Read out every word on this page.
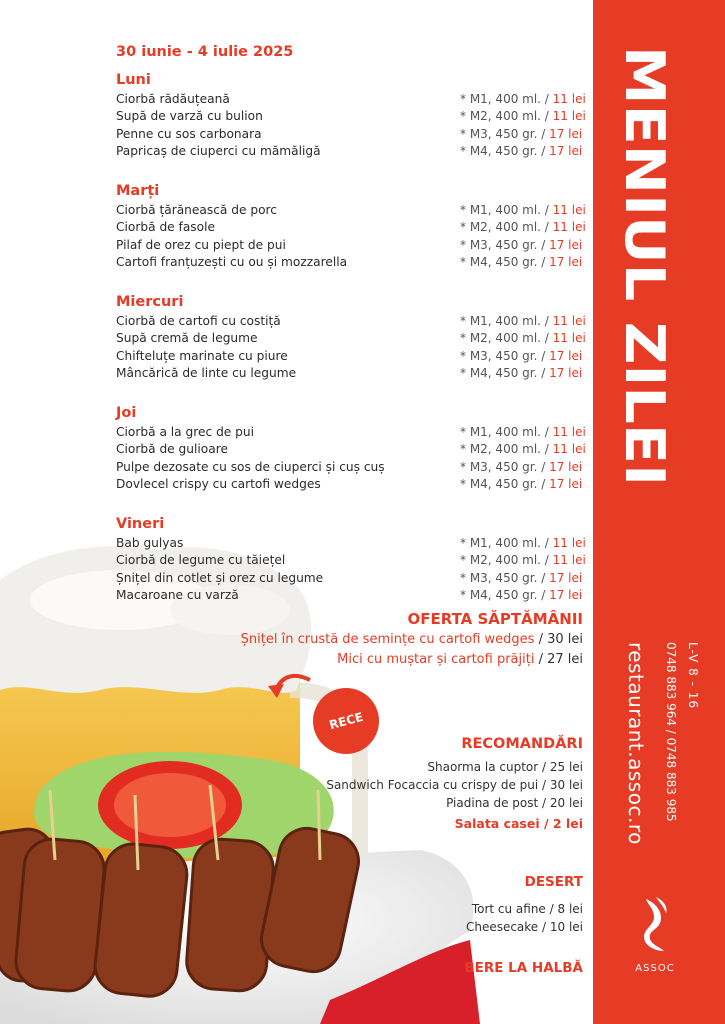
MENIUL ZILEI
L-V 8 - 16
0748 883 964 / 0748 883 985
restaurant.assoc.ro
ASSOC
30 iunie - 4 iulie 2025
Luni
Ciorbă rădăuțeană	* M1, 400 ml. / 11 lei
Supă de varză cu bulion	* M2, 400 ml. / 11 lei
Penne cu sos carbonara	* M3, 450 gr. / 17 lei
Papricaș de ciuperci cu mămăligă	* M4, 450 gr. / 17 lei
Marți
Ciorbă țărănească de porc	* M1, 400 ml. / 11 lei
Ciorbă de fasole	* M2, 400 ml. / 11 lei
Pilaf de orez cu piept de pui	* M3, 450 gr. / 17 lei
Cartofi franțuzești cu ou și mozzarella	* M4, 450 gr. / 17 lei
Miercuri
Ciorbă de cartofi cu costiță	* M1, 400 ml. / 11 lei
Supă cremă de legume	* M2, 400 ml. / 11 lei
Chifteluțe marinate cu piure	* M3, 450 gr. / 17 lei
Mâncărică de linte cu legume	* M4, 450 gr. / 17 lei
Joi
Ciorbă a la grec de pui	* M1, 400 ml. / 11 lei
Ciorbă de gulioare	* M2, 400 ml. / 11 lei
Pulpe dezosate cu sos de ciuperci și cuș cuș	* M3, 450 gr. / 17 lei
Dovlecel crispy cu cartofi wedges	* M4, 450 gr. / 17 lei
Vineri
Bab gulyas	* M1, 400 ml. / 11 lei
Ciorbă de legume cu tăiețel	* M2, 400 ml. / 11 lei
Șnițel din cotlet și orez cu legume	* M3, 450 gr. / 17 lei
Macaroane cu varză	* M4, 450 gr. / 17 lei
OFERTA SĂPTĂMÂNII
Șnițel în crustă de semințe cu cartofi wedges / 30 lei
Mici cu muștar și cartofi prăjiți / 27 lei
RECE
RECOMANDĂRI
Shaorma la cuptor / 25 lei
Sandwich Focaccia cu crispy de pui / 30 lei
Piadina de post / 20 lei
Salata casei / 2 lei
DESERT
Tort cu afine / 8 lei
Cheesecake / 10 lei
BERE LA HALBĂ
